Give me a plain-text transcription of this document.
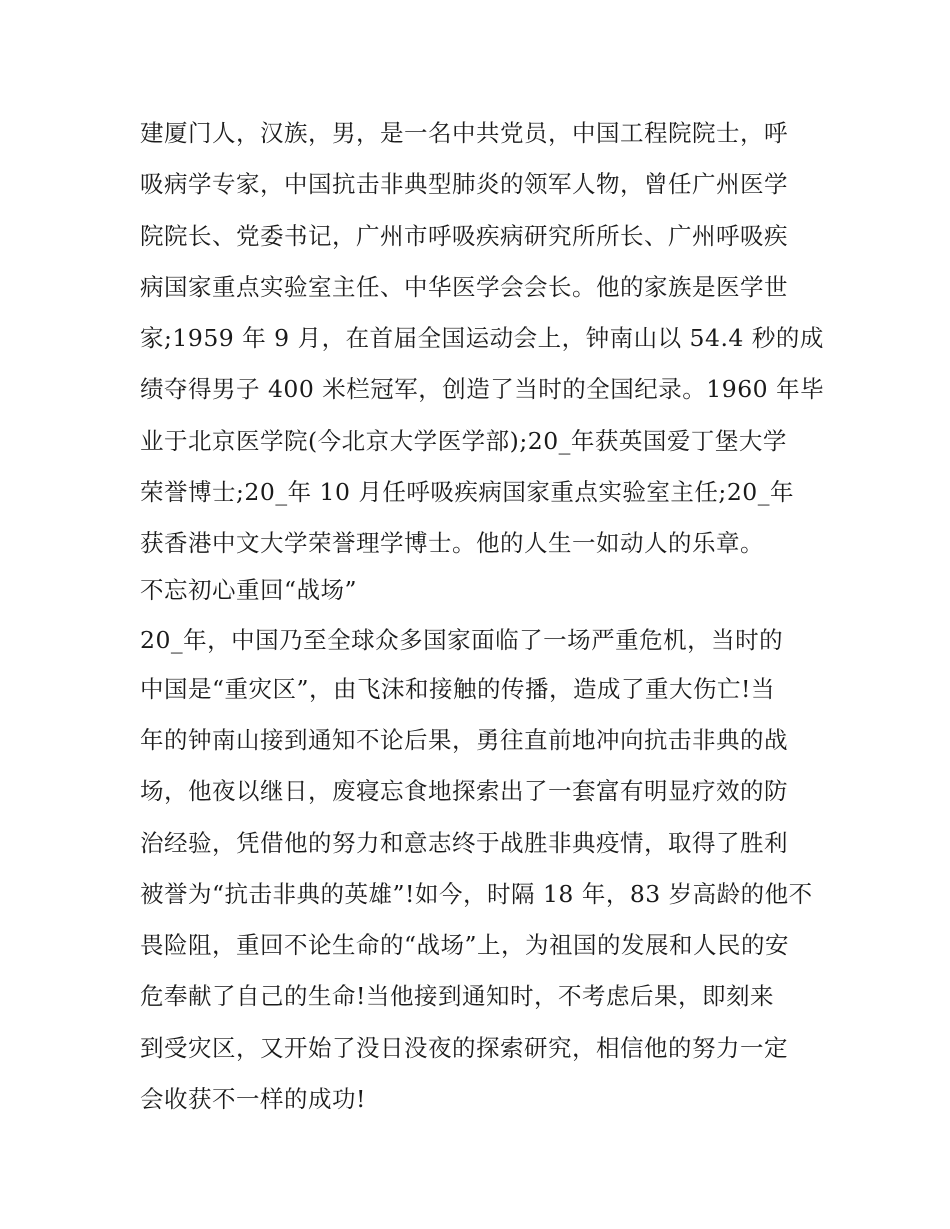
建厦门人，汉族，男，是一名中共党员，中国工程院院士，呼
吸病学专家，中国抗击非典型肺炎的领军人物，曾任广州医学
院院长、党委书记，广州市呼吸疾病研究所所长、广州呼吸疾
病国家重点实验室主任、中华医学会会长。他的家族是医学世
家;1959 年 9 月，在首届全国运动会上，钟南山以 54.4 秒的成
绩夺得男子 400 米栏冠军，创造了当时的全国纪录。1960 年毕
业于北京医学院(今北京大学医学部);20_年获英国爱丁堡大学
荣誉博士;20_年 10 月任呼吸疾病国家重点实验室主任;20_年
获香港中文大学荣誉理学博士。他的人生一如动人的乐章。
不忘初心重回“战场”
20_年，中国乃至全球众多国家面临了一场严重危机，当时的
中国是“重灾区”，由飞沫和接触的传播，造成了重大伤亡!当
年的钟南山接到通知不论后果，勇往直前地冲向抗击非典的战
场，他夜以继日，废寝忘食地探索出了一套富有明显疗效的防
治经验，凭借他的努力和意志终于战胜非典疫情，取得了胜利
被誉为“抗击非典的英雄”!如今，时隔 18 年，83 岁高龄的他不
畏险阻，重回不论生命的“战场”上，为祖国的发展和人民的安
危奉献了自己的生命!当他接到通知时，不考虑后果，即刻来
到受灾区，又开始了没日没夜的探索研究，相信他的努力一定
会收获不一样的成功!
